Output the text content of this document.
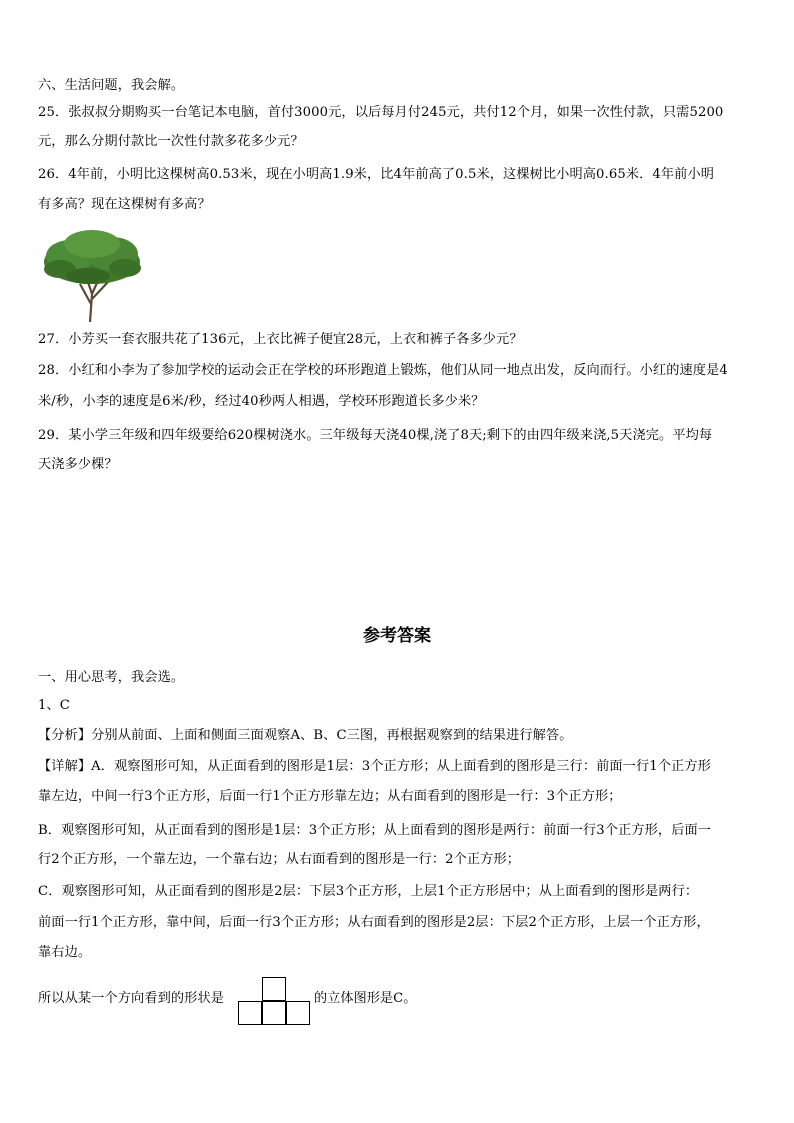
六、生活问题，我会解。
25．张叔叔分期购买一台笔记本电脑，首付3000元，以后每月付245元，共付12个月，如果一次性付款，只需5200
元，那么分期付款比一次性付款多花多少元？
26．4年前，小明比这棵树高0.53米，现在小明高1.9米，比4年前高了0.5米，这棵树比小明高0.65米．4年前小明
有多高？现在这棵树有多高？
27．小芳买一套衣服共花了136元，上衣比裤子便宜28元，上衣和裤子各多少元？
28．小红和小李为了参加学校的运动会正在学校的环形跑道上锻炼，他们从同一地点出发，反向而行。小红的速度是4
米/秒，小李的速度是6米/秒，经过40秒两人相遇，学校环形跑道长多少米？
29．某小学三年级和四年级要给620棵树浇水。三年级每天浇40棵,浇了8天;剩下的由四年级来浇,5天浇完。平均每
天浇多少棵？
参考答案
一、用心思考，我会选。
1、C
【分析】分别从前面、上面和侧面三面观察A、B、C三图，再根据观察到的结果进行解答。
【详解】A．观察图形可知，从正面看到的图形是1层：3个正方形；从上面看到的图形是三行：前面一行1个正方形
靠左边，中间一行3个正方形，后面一行1个正方形靠左边；从右面看到的图形是一行：3个正方形；
B．观察图形可知，从正面看到的图形是1层：3个正方形；从上面看到的图形是两行：前面一行3个正方形，后面一
行2个正方形，一个靠左边，一个靠右边；从右面看到的图形是一行：2个正方形；
C．观察图形可知，从正面看到的图形是2层：下层3个正方形，上层1个正方形居中；从上面看到的图形是两行：
前面一行1个正方形，靠中间，后面一行3个正方形；从右面看到的图形是2层：下层2个正方形，上层一个正方形，
靠右边。
所以从某一个方向看到的形状是	的立体图形是C。
